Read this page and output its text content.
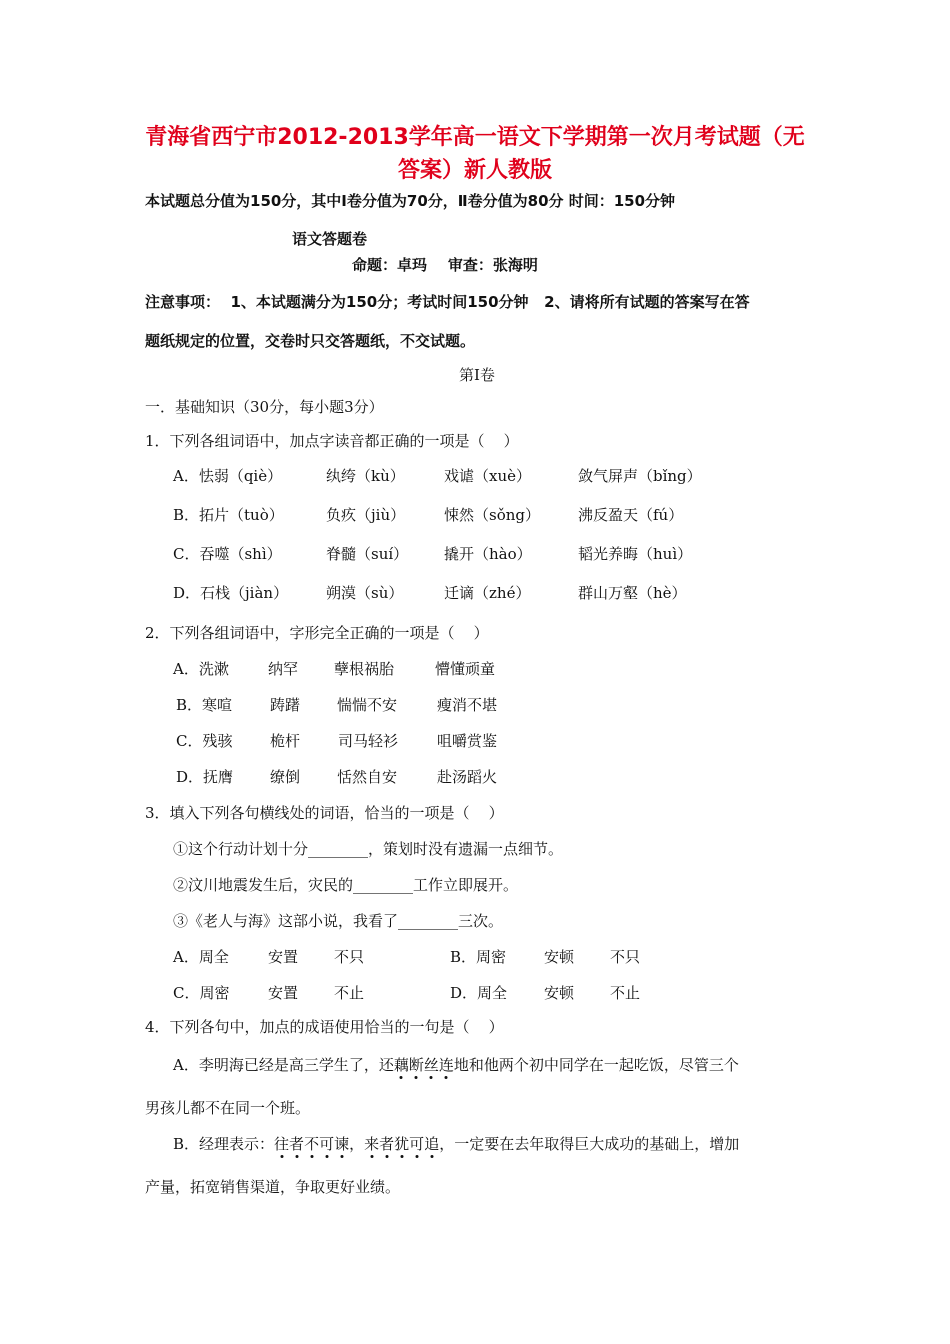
青海省西宁市2012-2013学年高一语文下学期第一次月考试题（无
答案）新人教版
本试题总分值为150分，其中Ⅰ卷分值为70分，Ⅱ卷分值为80分 时间：150分钟
语文答题卷
命题：卓玛    审查：张海明
注意事项：  1、本试题满分为150分；考试时间150分钟   2、请将所有试题的答案写在答
题纸规定的位置，交卷时只交答题纸，不交试题。
第Ⅰ卷
一．基础知识（30分，每小题3分）
1．下列各组词语中，加点字读音都正确的一项是（    ）
A．怯弱（qiè）	纨绔（kù）	戏谑（xuè）	敛气屏声（bǐng）
B．拓片（tuò）	负疚（jiù）	悚然（sǒng）	沸反盈天（fú）
C．吞噬（shì）	脊髓（suí） 撬开（hào）	韬光养晦（huì）
D．石栈（jiàn）	朔漠（sù）	迁谪（zhé）	群山万壑（hè）
2．下列各组词语中，字形完全正确的一项是（    ）
A．洗漱	纳罕 孽根祸胎	懵懂顽童
B．寒喧	踌躇 惴惴不安	瘦消不堪
C．残骇	桅杆	司马轻衫	咀嚼赏鉴
D．抚膺 缭倒 恬然自安	赴汤蹈火
3．填入下列各句横线处的词语，恰当的一项是（    ）
①这个行动计划十分________，策划时没有遗漏一点细节。
②汶川地震发生后，灾民的________工作立即展开。
③《老人与海》这部小说，我看了________三次。
A．周全	安置 不只	B．周密	安顿 不只
C．周密	安置 不止	D．周全 安顿 不止
4．下列各句中，加点的成语使用恰当的一句是（    ）
A．李明海已经是高三学生了，还藕断丝连地和他两个初中同学在一起吃饭，尽管三个
男孩儿都不在同一个班。
B．经理表示：往者不可谏，来者犹可追，一定要在去年取得巨大成功的基础上，增加
产量，拓宽销售渠道，争取更好业绩。
